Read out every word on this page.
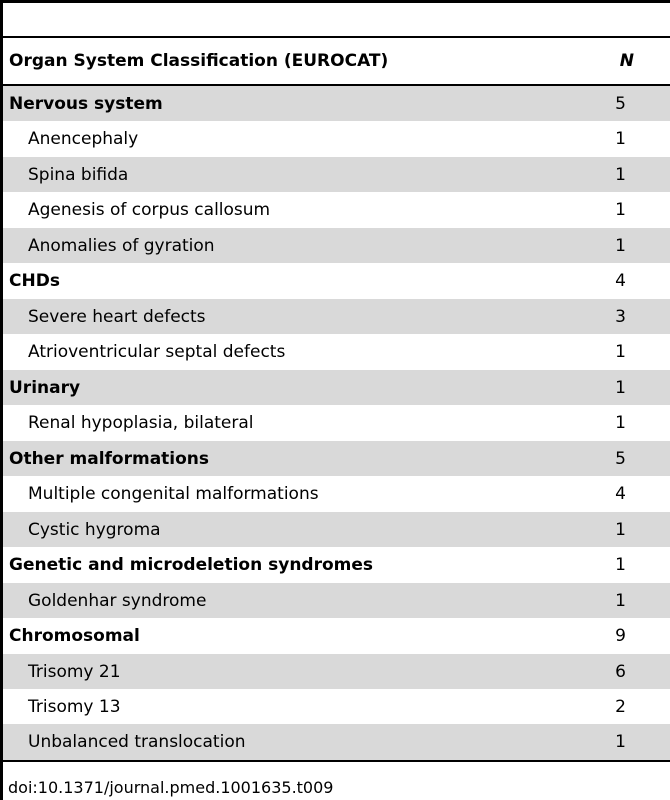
Organ System Classification (EUROCAT)	N
Nervous system	5
Anencephaly	1
Spina bifida	1
Agenesis of corpus callosum	1
Anomalies of gyration	1
CHDs	4
Severe heart defects	3
Atrioventricular septal defects	1
Urinary	1
Renal hypoplasia, bilateral	1
Other malformations	5
Multiple congenital malformations	4
Cystic hygroma	1
Genetic and microdeletion syndromes	1
Goldenhar syndrome	1
Chromosomal	9
Trisomy 21	6
Trisomy 13	2
Unbalanced translocation	1
doi:10.1371/journal.pmed.1001635.t009
